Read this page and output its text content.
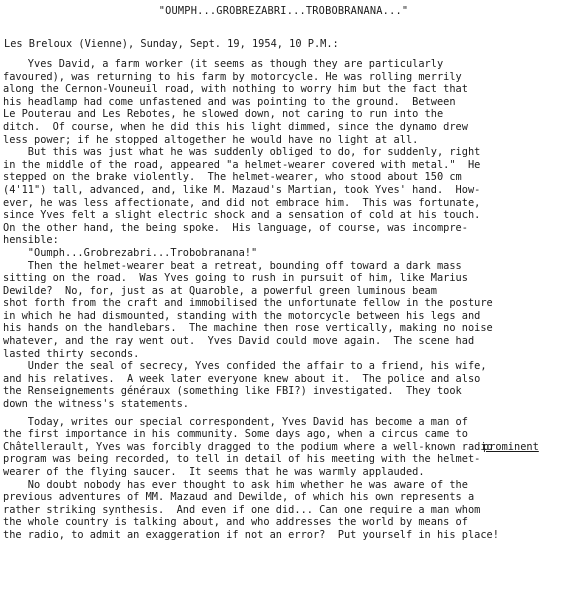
"OUMPH...GROBREZABRI...TROBOBRANANA..."
Les Breloux (Vienne), Sunday, Sept. 19, 1954, 10 P.M.:
Yves David, a farm worker (it seems as though they are particularly
favoured), was returning to his farm by motorcycle. He was rolling merrily
along the Cernon-Vouneuil road, with nothing to worry him but the fact that
his headlamp had come unfastened and was pointing to the ground.  Between
Le Pouterau and Les Rebotes, he slowed down, not caring to run into the
ditch.  Of course, when he did this his light dimmed, since the dynamo drew
less power; if he stopped altogether he would have no light at all.
But this was just what he was suddenly obliged to do, for suddenly, right
in the middle of the road, appeared "a helmet-wearer covered with metal."  He
stepped on the brake violently.  The helmet-wearer, who stood about 150 cm
(4'11") tall, advanced, and, like M. Mazaud's Martian, took Yves' hand.  How-
ever, he was less affectionate, and did not embrace him.  This was fortunate,
since Yves felt a slight electric shock and a sensation of cold at his touch.
On the other hand, the being spoke.  His language, of course, was incompre-
hensible:
"Oumph...Grobrezabri...Trobobranana!"
Then the helmet-wearer beat a retreat, bounding off toward a dark mass
sitting on the road.  Was Yves going to rush in pursuit of him, like Marius
Dewilde?  No, for, just as at Quaroble, a powerful green luminous beam
shot forth from the craft and immobilised the unfortunate fellow in the posture
in which he had dismounted, standing with the motorcycle between his legs and
his hands on the handlebars.  The machine then rose vertically, making no noise
whatever, and the ray went out.  Yves David could move again.  The scene had
lasted thirty seconds.
Under the seal of secrecy, Yves confided the affair to a friend, his wife,
and his relatives.  A week later everyone knew about it.  The police and also
the Renseignements généraux (something like FBI?) investigated.  They took
down the witness's statements.
Today, writes our special correspondent, Yves David has become a man of
the first importance in his community. Some days ago, when a circus came to
Châtellerault, Yves was forcibly dragged to the podium where a well-known radio
program was being recorded, to tell in detail of his meeting with the helmet-
wearer of the flying saucer.  It seems that he was warmly applauded.
No doubt nobody has ever thought to ask him whether he was aware of the
previous adventures of MM. Mazaud and Dewilde, of which his own represents a
rather striking synthesis.  And even if one did... Can one require a man whom
the whole country is talking about, and who addresses the world by means of
the radio, to admit an exaggeration if not an error?  Put yourself in his place!
prominent
